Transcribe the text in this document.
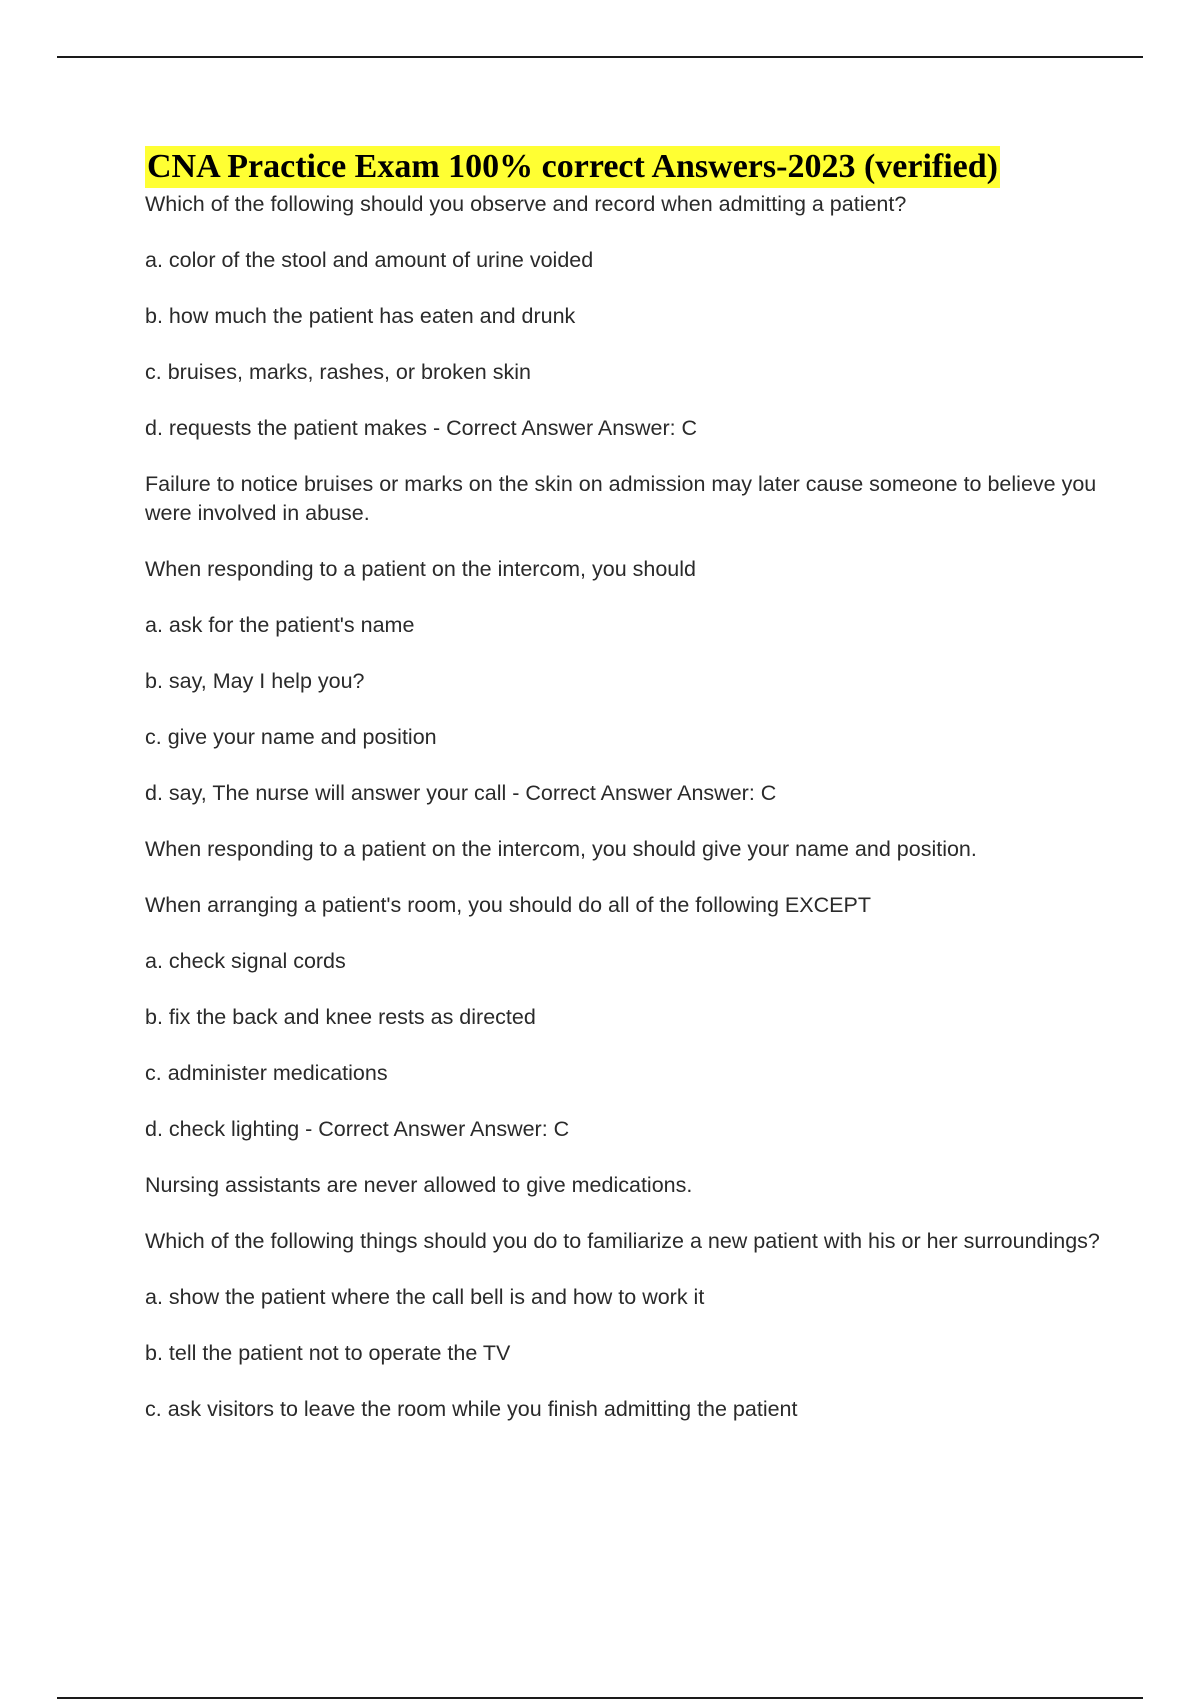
CNA Practice Exam 100% correct Answers-2023 (verified)

Which of the following should you observe and record when admitting a patient?

a. color of the stool and amount of urine voided

b. how much the patient has eaten and drunk

c. bruises, marks, rashes, or broken skin

d. requests the patient makes - Correct Answer Answer: C

Failure to notice bruises or marks on the skin on admission may later cause someone to believe you were involved in abuse.

When responding to a patient on the intercom, you should

a. ask for the patient's name

b. say, May I help you?

c. give your name and position

d. say, The nurse will answer your call - Correct Answer Answer: C

When responding to a patient on the intercom, you should give your name and position.

When arranging a patient's room, you should do all of the following EXCEPT

a. check signal cords

b. fix the back and knee rests as directed

c. administer medications

d. check lighting - Correct Answer Answer: C

Nursing assistants are never allowed to give medications.

Which of the following things should you do to familiarize a new patient with his or her surroundings?

a. show the patient where the call bell is and how to work it

b. tell the patient not to operate the TV

c. ask visitors to leave the room while you finish admitting the patient
